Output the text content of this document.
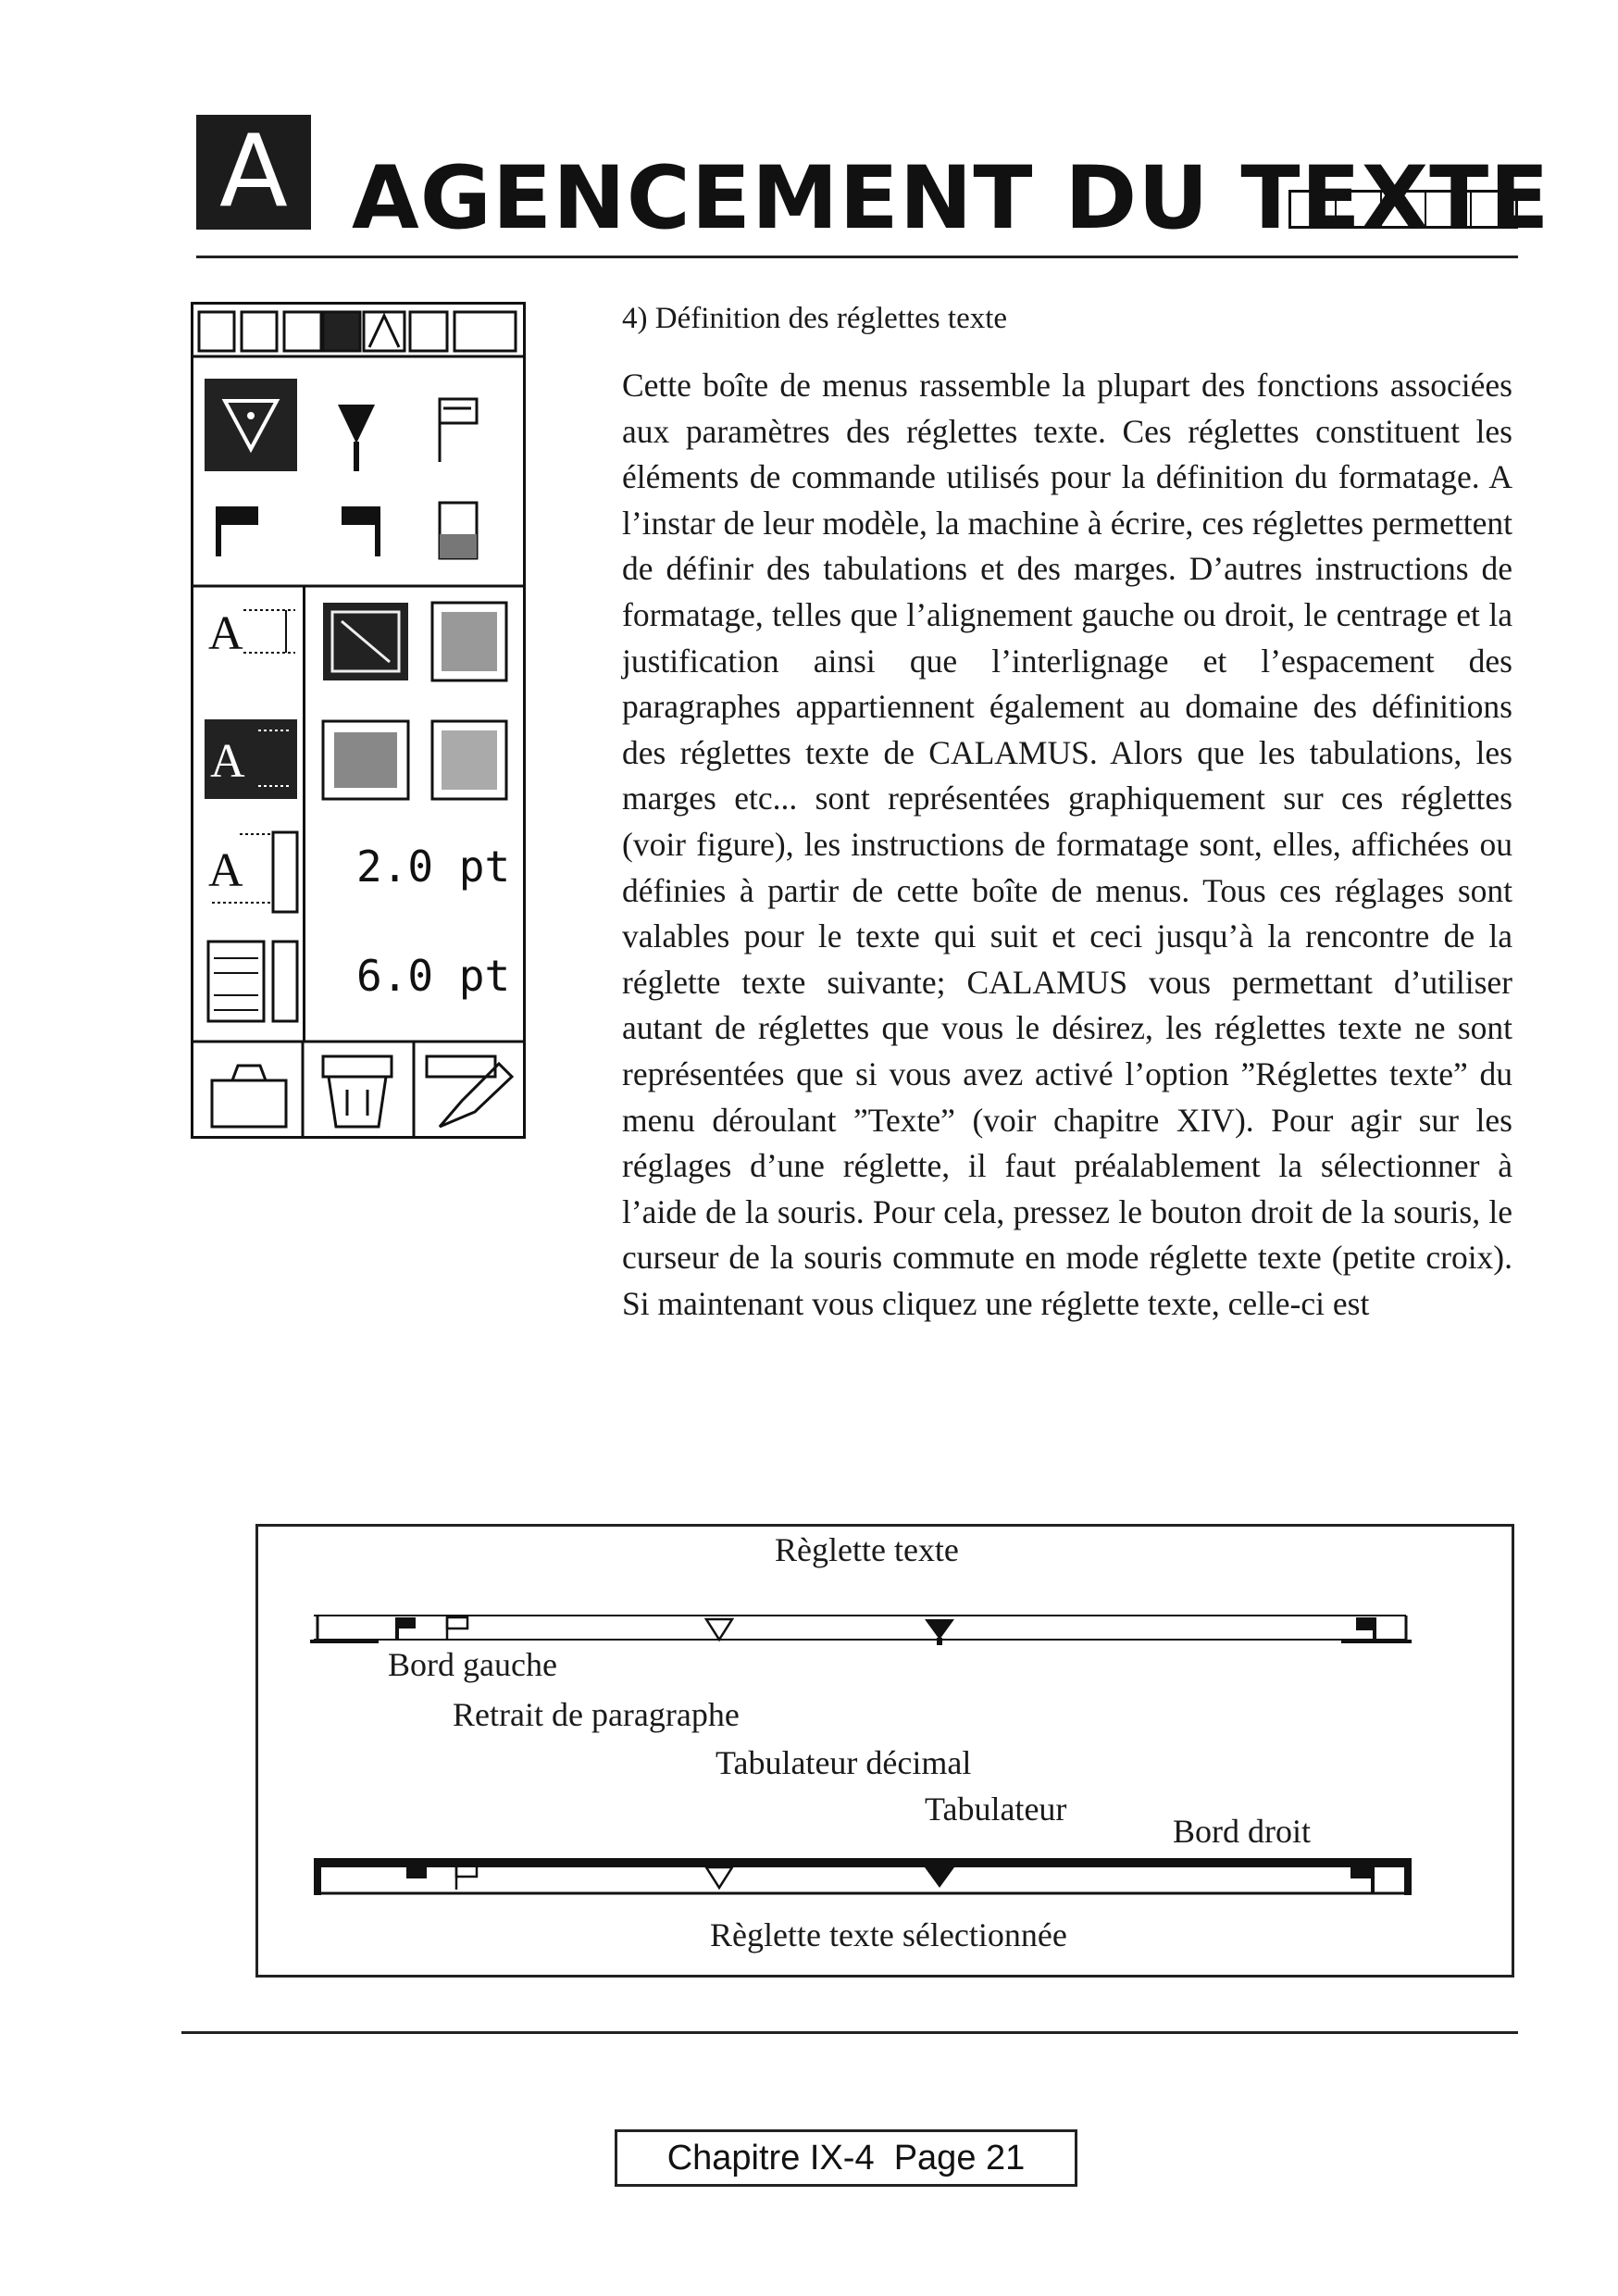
A AGENCEMENT DU TEXTE
A
A
A	2.0 pt
6.0 pt
4) Définition des réglettes texte
Cette boîte de menus rassemble la plupart des fonctions associées aux paramètres des réglettes texte. Ces réglettes constituent les éléments de commande utilisés pour la définition du formatage. A l’instar de leur modèle, la machine à écrire, ces réglettes permettent de définir des tabulations et des marges. D’autres instructions de formatage, telles que l’alignement gauche ou droit, le centrage et la justification ainsi que l’interlignage et l’espacement des paragraphes appartiennent également au domaine des définitions des réglettes texte de CALAMUS. Alors que les tabulations, les marges etc... sont représentées graphiquement sur ces réglettes (voir figure), les instructions de formatage sont, elles, affichées ou définies à partir de cette boîte de menus. Tous ces réglages sont valables pour le texte qui suit et ceci jusqu’à la rencontre de la réglette texte suivante; CALAMUS vous permettant d’utiliser autant de réglettes que vous le désirez, les réglettes texte ne sont représentées que si vous avez activé l’option ”Réglettes texte” du menu déroulant ”Texte” (voir chapitre XIV). Pour agir sur les réglages d’une réglette, il faut préalablement la sélectionner à l’aide de la souris. Pour cela, pressez le bouton droit de la souris, le curseur de la souris commute en mode réglette texte (petite croix). Si maintenant vous cliquez une réglette texte, celle-ci est
Règlette texte
Bord gauche
Retrait de paragraphe
Tabulateur décimal
Tabulateur
Bord droit
Règlette texte sélectionnée
Chapitre IX-4  Page 21
